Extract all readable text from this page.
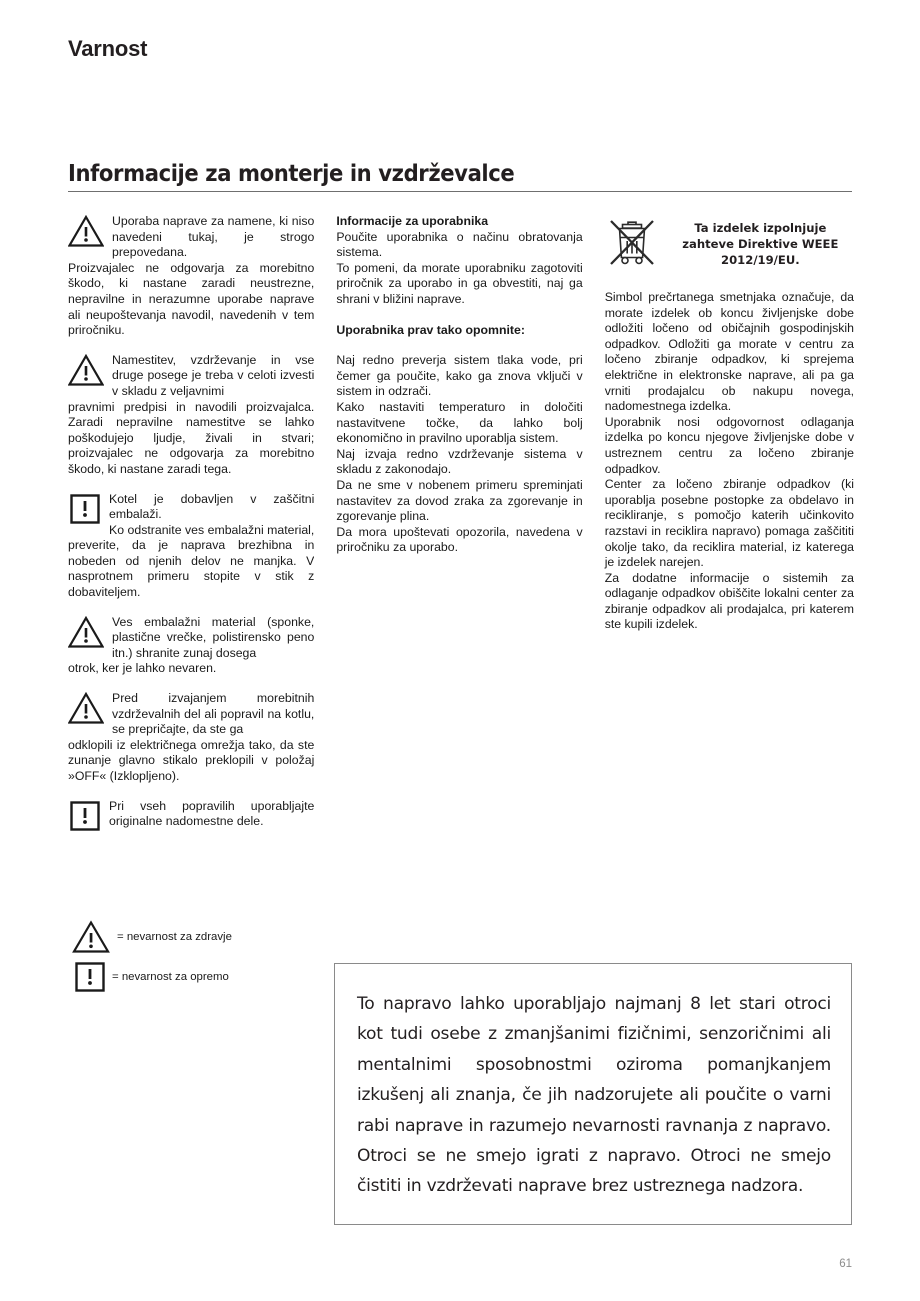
Varnost
Informacije za monterje in vzdrževalce
Uporaba naprave za namene, ki niso navedeni tukaj, je strogo prepovedana.
Proizvajalec ne odgovarja za morebitno škodo, ki nastane zaradi neustrezne, nepravilne in nerazumne uporabe naprave ali neupoštevanja navodil, navedenih v tem priročniku.
Namestitev, vzdrževanje in vse druge posege je treba v celoti izvesti v skladu z veljavnimi
pravnimi predpisi in navodili proizvajalca. Zaradi nepravilne namestitve se lahko poškodujejo ljudje, živali in stvari; proizvajalec ne odgovarja za morebitno škodo, ki nastane zaradi tega.
Kotel je dobavljen v zaščitni embalaži.
Ko odstranite ves embalažni material, preverite, da je naprava brezhibna in nobeden od njenih delov ne manjka. V nasprotnem primeru stopite v stik z dobaviteljem.
Ves embalažni material (sponke, plastične vrečke, polistirensko peno itn.) shranite zunaj dosega
otrok, ker je lahko nevaren.
Pred izvajanjem morebitnih vzdrževalnih del ali popravil na kotlu, se prepričajte, da ste ga
odklopili iz električnega omrežja tako, da ste zunanje glavno stikalo preklopili v položaj »OFF« (Izklopljeno).
Pri vseh popravilih uporabljajte originalne nadomestne dele.
Informacije za uporabnika
Poučite uporabnika o načinu obratovanja sistema.
To pomeni, da morate uporabniku zagotoviti priročnik za uporabo in ga obvestiti, naj ga shrani v bližini naprave.
Uporabnika prav tako opomnite:
Naj redno preverja sistem tlaka vode, pri čemer ga poučite, kako ga znova vključi v sistem in odzrači.
Kako nastaviti temperaturo in določiti nastavitvene točke, da lahko bolj ekonomično in pravilno uporablja sistem.
Naj izvaja redno vzdrževanje sistema v skladu z zakonodajo.
Da ne sme v nobenem primeru spreminjati nastavitev za dovod zraka za zgorevanje in zgorevanje plina.
Da mora upoštevati opozorila, navedena v priročniku za uporabo.
Ta izdelek izpolnjuje zahteve Direktive WEEE 2012/19/EU.
Simbol prečrtanega smetnjaka označuje, da morate izdelek ob koncu življenjske dobe odložiti ločeno od običajnih gospodinjskih odpadkov. Odložiti ga morate v centru za ločeno zbiranje odpadkov, ki sprejema električne in elektronske naprave, ali pa ga vrniti prodajalcu ob nakupu novega, nadomestnega izdelka.
Uporabnik nosi odgovornost odlaganja izdelka po koncu njegove življenjske dobe v ustreznem centru za ločeno zbiranje odpadkov.
Center za ločeno zbiranje odpadkov (ki uporablja posebne postopke za obdelavo in recikliranje, s pomočjo katerih učinkovito razstavi in reciklira napravo) pomaga zaščititi okolje tako, da reciklira material, iz katerega je izdelek narejen.
Za dodatne informacije o sistemih za odlaganje odpadkov obiščite lokalni center za zbiranje odpadkov ali prodajalca, pri katerem ste kupili izdelek.
= nevarnost za zdravje
= nevarnost za opremo

To napravo lahko uporabljajo najmanj 8 let stari otroci kot tudi osebe z zmanjšanimi fizičnimi, senzoričnimi ali mentalnimi sposobnostmi oziroma pomanjkanjem izkušenj ali znanja, če jih nadzorujete ali poučite o varni rabi naprave in razumejo nevarnosti ravnanja z napravo. Otroci se ne smejo igrati z napravo. Otroci ne smejo čistiti in vzdrževati naprave brez ustreznega nadzora.

61
